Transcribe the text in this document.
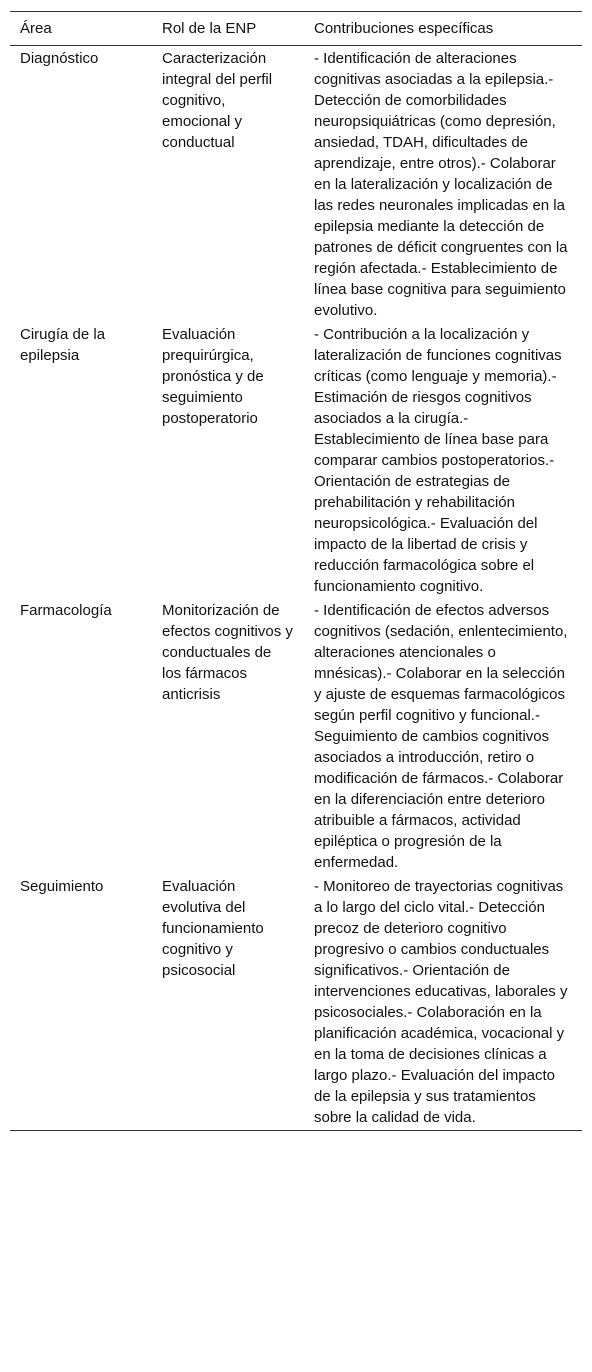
Área	Rol de la ENP	Contribuciones específicas
Diagnóstico	Caracterización integral del perfil cognitivo, emocional y conductual	- Identificación de alteraciones cognitivas asociadas a la epilepsia.- Detección de comorbilidades neuropsiquiátricas (como depresión, ansiedad, TDAH, dificultades de aprendizaje, entre otros).- Colaborar en la lateralización y localización de las redes neuronales implicadas en la epilepsia mediante la detección de patrones de déficit congruentes con la región afectada.- Establecimiento de línea base cognitiva para seguimiento evolutivo.
Cirugía de la epilepsia	Evaluación prequirúrgica, pronóstica y de seguimiento postoperatorio	- Contribución a la localización y lateralización de funciones cognitivas críticas (como lenguaje y memoria).- Estimación de riesgos cognitivos asociados a la cirugía.- Establecimiento de línea base para comparar cambios postoperatorios.- Orientación de estrategias de prehabilitación y rehabilitación neuropsicológica.- Evaluación del impacto de la libertad de crisis y reducción farmacológica sobre el funcionamiento cognitivo.
Farmacología	Monitorización de efectos cognitivos y conductuales de los fármacos anticrisis	- Identificación de efectos adversos cognitivos (sedación, enlentecimiento, alteraciones atencionales o mnésicas).- Colaborar en la selección y ajuste de esquemas farmacológicos según perfil cognitivo y funcional.- Seguimiento de cambios cognitivos asociados a introducción, retiro o modificación de fármacos.- Colaborar en la diferenciación entre deterioro atribuible a fármacos, actividad epiléptica o progresión de la enfermedad.
Seguimiento	Evaluación evolutiva del funcionamiento cognitivo y psicosocial	- Monitoreo de trayectorias cognitivas a lo largo del ciclo vital.- Detección precoz de deterioro cognitivo progresivo o cambios conductuales significativos.- Orientación de intervenciones educativas, laborales y psicosociales.- Colaboración en la planificación académica, vocacional y en la toma de decisiones clínicas a largo plazo.- Evaluación del impacto de la epilepsia y sus tratamientos sobre la calidad de vida.
